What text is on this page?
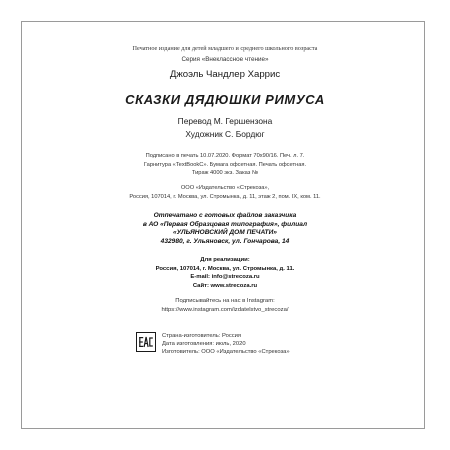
Печатное издание для детей младшего и среднего школьного возраста
Серия «Внеклассное чтение»
Джоэль Чандлер Харрис
СКАЗКИ ДЯДЮШКИ РИМУСА
Перевод М. Гершензона
Художник С. Бордюг
Подписано в печать 10.07.2020. Формат 70х90/16. Печ. л. 7.
Гарнитура «TextBookC». Бумага офсетная. Печать офсетная.
Тираж 4000 экз. Заказ №
ООО «Издательство «Стрекоза»,
Россия, 107014, г. Москва, ул. Стромынка, д. 11, этаж 2, пом. IX, ком. 11.
Отпечатано с готовых файлов заказчика
в АО «Первая Образцовая типография», филиал
«УЛЬЯНОВСКИЙ ДОМ ПЕЧАТИ»
432980, г. Ульяновск, ул. Гончарова, 14
Для реализации:
Россия, 107014, г. Москва, ул. Стромынка, д. 11.
E-mail: info@strecoza.ru
Сайт: www.strecoza.ru
Подписывайтесь на нас в Instagram:
https://www.instagram.com/izdatelstvo_strecoza/
Страна-изготовитель: Россия
Дата изготовления: июль, 2020
Изготовитель: ООО «Издательство «Стрекоза»
